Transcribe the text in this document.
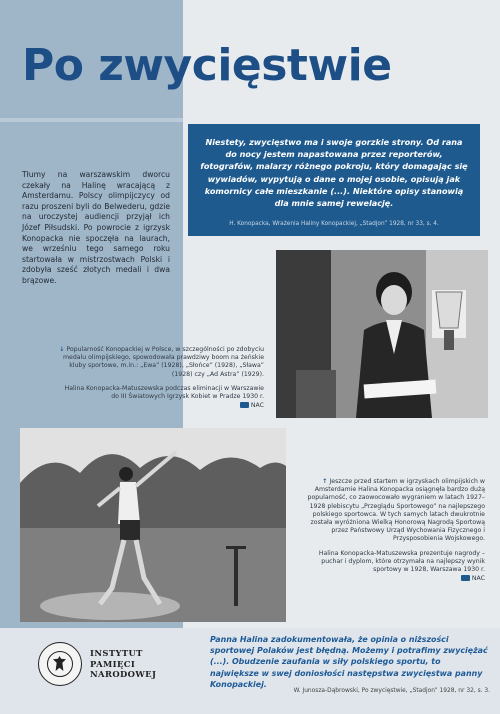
Po zwycięstwie
Niestety, zwycięstwo ma i swoje gorzkie strony. Od rana do nocy jestem napastowana przez reporterów, fotografów, malarzy różnego pokroju, który domagając się wywiadów, wypytują o dane o mojej osobie, opisują jak komornicy całe mieszkanie (...). Niektóre opisy stanowią dla mnie samej rewelację.
H. Konopacka, Wrażenia Haliny Konopackiej, „Stadjon” 1928, nr 33, s. 4.
Tłumy na warszawskim dworcu czekały na Halinę wracającą z Amsterdamu. Polscy olimpijczycy od razu proszeni byli do Belwederu, gdzie na uroczystej audiencji przyjął ich Józef Piłsudski. Po powrocie z igrzysk Konopacka nie spoczęła na laurach, we wrześniu tego samego roku startowała w mistrzostwach Polski i zdobyła sześć złotych medali i dwa brązowe.

↓ Popularność Konopackiej w Polsce, w szczególności po zdobyciu medalu olimpijskiego, spowodowała prawdziwy boom na żeńskie kluby sportowe, m.in.: „Ewa” (1928), „Słońce” (1928), „Sława” (1928) czy „Ad Astra” (1929).

Halina Konopacka-Matuszewska podczas eliminacji w Warszawie do III Światowych Igrzysk Kobiet w Pradze 1930 r.

NAC

↑ Jeszcze przed startem w igrzyskach olimpijskich w Amsterdamie Halina Konopacka osiągnęła bardzo dużą popularność, co zaowocowało wygraniem w latach 1927–1928 plebiscytu „Przeglądu Sportowego” na najlepszego polskiego sportowca. W tych samych latach dwukrotnie została wyróżniona Wielką Honorową Nagrodą Sportową przez Państwowy Urząd Wychowania Fizycznego i Przysposobienia Wojskowego.

Halina Konopacka-Matuszewska prezentuje nagrody – puchar i dyplom, które otrzymała na najlepszy wynik sportowy w 1928, Warszawa 1930 r.

NAC

INSTYTUT
PAMIĘCI
NARODOWEJ
Panna Halina zadokumentowała, że opinia o niższości sportowej Polaków jest błędną. Możemy i potrafimy zwyciężać (...). Obudzenie zaufania w siły polskiego sportu, to największe w swej doniosłości następstwa zwycięstwa panny Konopackiej.
W. Junosza-Dąbrowski, Po zwycięstwie, „Stadjon” 1928, nr 32, s. 3.
